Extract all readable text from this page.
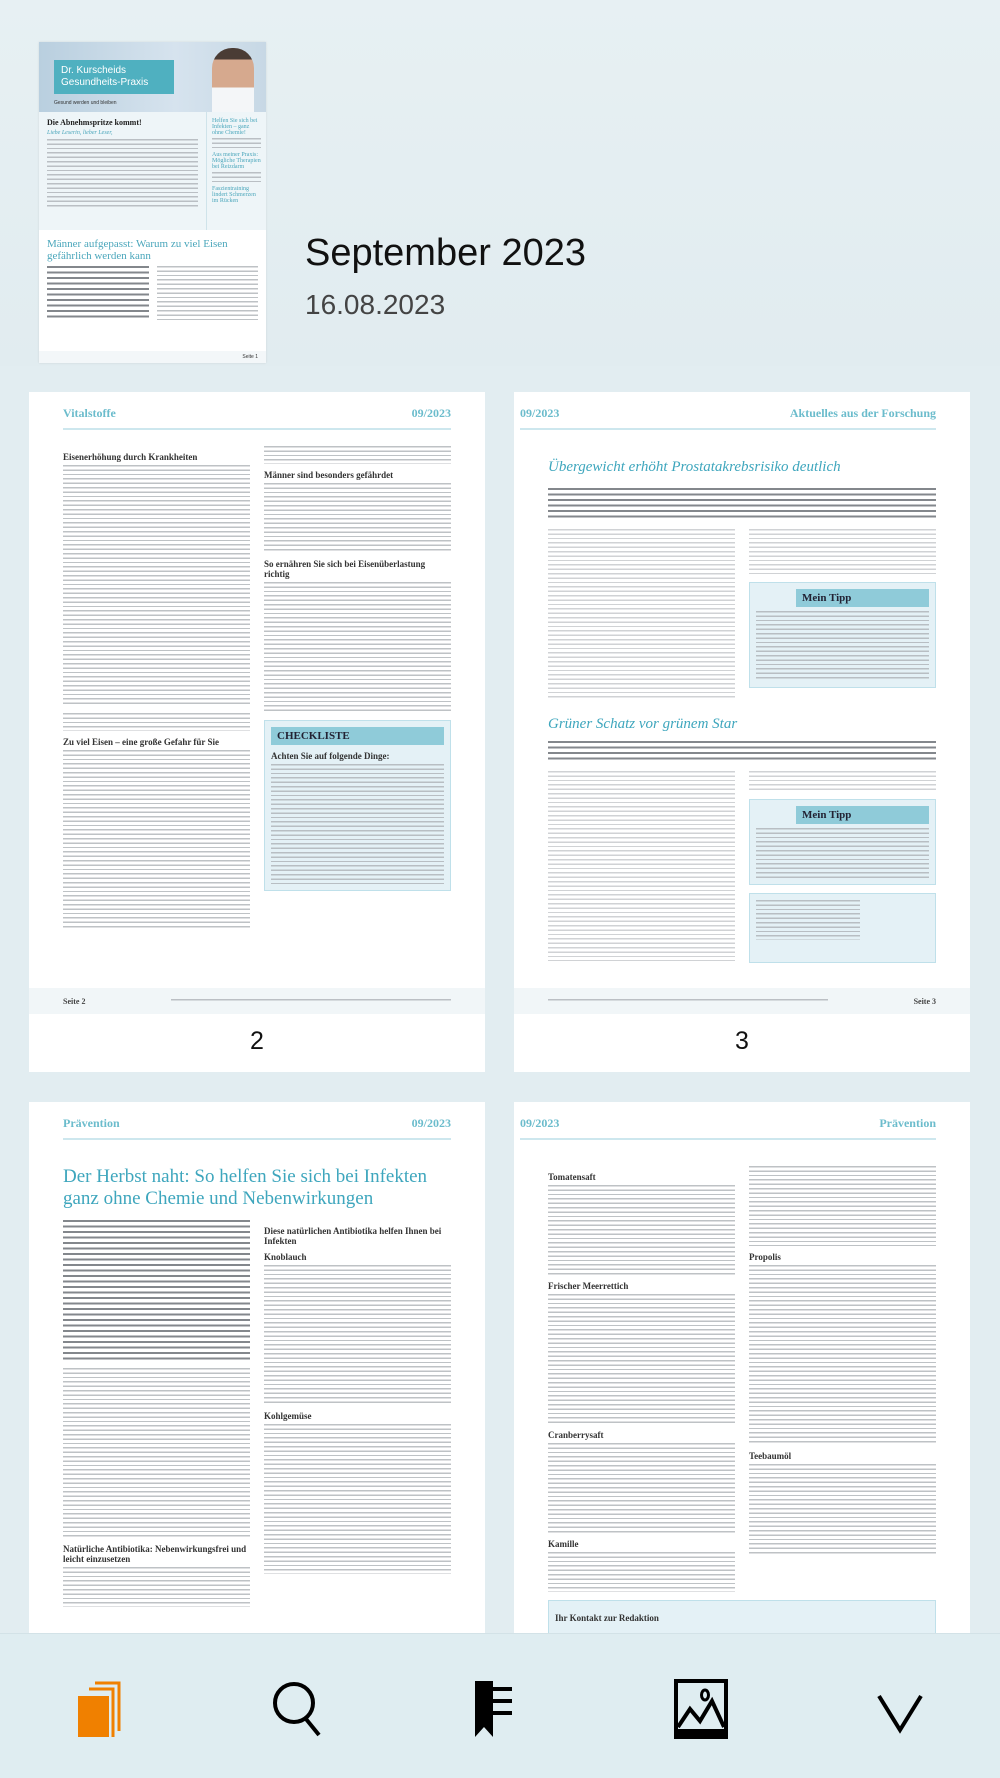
Dr. Kurscheids Gesundheits-Praxis
Gesund werden und bleiben
Die Abnehmspritze kommt!
Liebe Leserin, lieber Leser,
Helfen Sie sich bei Infekten – ganz ohne Chemie!
Aus meiner Praxis: Mögliche Therapien bei Reizdarm
Faszientraining lindert Schmerzen im Rücken
Männer aufgepasst: Warum zu viel Eisen gefährlich werden kann
Seite 1
September 2023
16.08.2023
Vitalstoffe	09/2023
Eisenerhöhung durch Krankheiten
Zu viel Eisen – eine große Gefahr für Sie
Männer sind besonders gefährdet
So ernähren Sie sich bei Eisenüberlastung richtig
CHECKLISTE
Achten Sie auf folgende Dinge:
Seite 2
2
09/2023	Aktuelles aus der Forschung
Übergewicht erhöht Prostatakrebsrisiko deutlich
Mein Tipp
Grüner Schatz vor grünem Star
Mein Tipp
Seite 3
3
Prävention	09/2023
Der Herbst naht: So helfen Sie sich bei Infekten ganz ohne Chemie und Nebenwirkungen
Natürliche Antibiotika: Nebenwirkungsfrei und leicht einzusetzen
Diese natürlichen Antibiotika helfen Ihnen bei Infekten
Knoblauch
Kohlgemüse
09/2023	Prävention
Tomatensaft
Frischer Meerrettich
Cranberrysaft
Kamille
Propolis
Teebaumöl
Ihr Kontakt zur Redaktion
